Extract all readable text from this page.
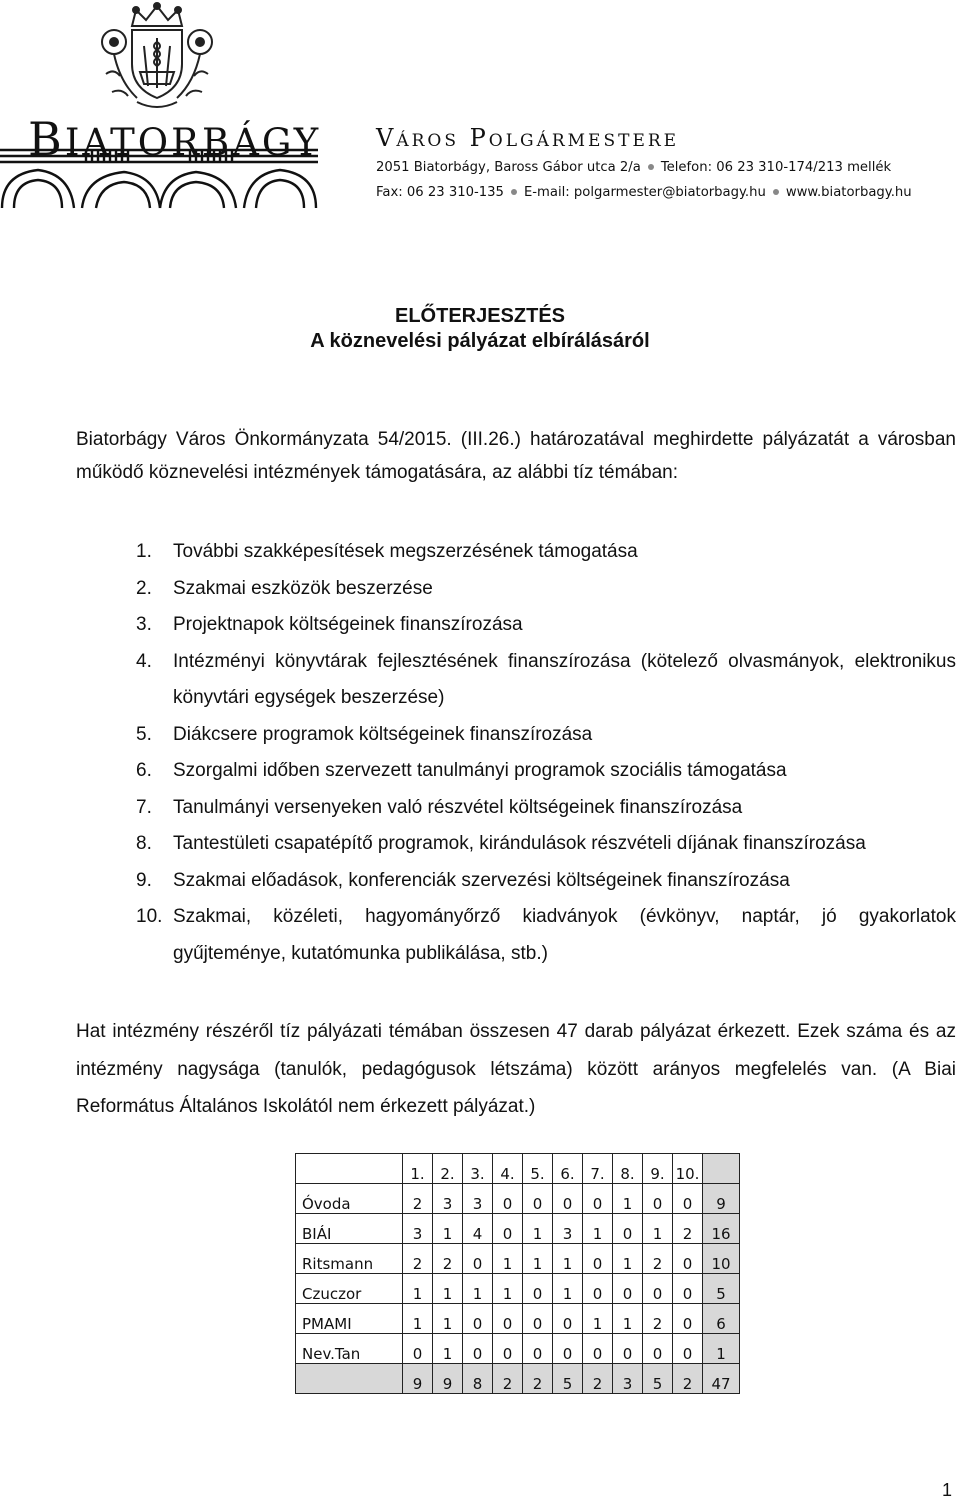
BIATORBÁGY Város Polgármestere
2051 Biatorbágy, Baross Gábor utca 2/a Telefon: 06 23 310-174/213 mellék
Fax: 06 23 310-135 E-mail: polgarmester@biatorbagy.hu www.biatorbagy.hu
ELŐTERJESZTÉS
A köznevelési pályázat elbírálásáról

Biatorbágy Város Önkormányzata 54/2015. (III.26.) határozatával meghirdette pályázatát a városban működő köznevelési intézmények támogatására, az alábbi tíz témában:

1. További szakképesítések megszerzésének támogatása
2. Szakmai eszközök beszerzése
3. Projektnapok költségeinek finanszírozása
4. Intézményi könyvtárak fejlesztésének finanszírozása (kötelező olvasmányok, elektronikus könyvtári egységek beszerzése)
5. Diákcsere programok költségeinek finanszírozása
6. Szorgalmi időben szervezett tanulmányi programok szociális támogatása
7. Tanulmányi versenyeken való részvétel költségeinek finanszírozása
8. Tantestületi csapatépítő programok, kirándulások részvételi díjának finanszírozása
9. Szakmai előadások, konferenciák szervezési költségeinek finanszírozása
10. Szakmai, közéleti, hagyományőrző kiadványok (évkönyv, naptár, jó gyakorlatok gyűjteménye, kutatómunka publikálása, stb.)

Hat intézmény részéről tíz pályázati témában összesen 47 darab pályázat érkezett. Ezek száma és az intézmény nagysága (tanulók, pedagógusok létszáma) között arányos megfelelés van. (A Biai Református Általános Iskolától nem érkezett pályázat.)

	1.	2.	3.	4.	5.	6.	7.	8.	9.	10.	
Óvoda	2	3	3	0	0	0	0	1	0	0	9
BIÁI	3	1	4	0	1	3	1	0	1	2	16
Ritsmann	2	2	0	1	1	1	0	1	2	0	10
Czuczor	1	1	1	1	0	1	0	0	0	0	5
PMAMI	1	1	0	0	0	0	1	1	2	0	6
Nev.Tan	0	1	0	0	0	0	0	0	0	0	1
	9	9	8	2	2	5	2	3	5	2	47
1
